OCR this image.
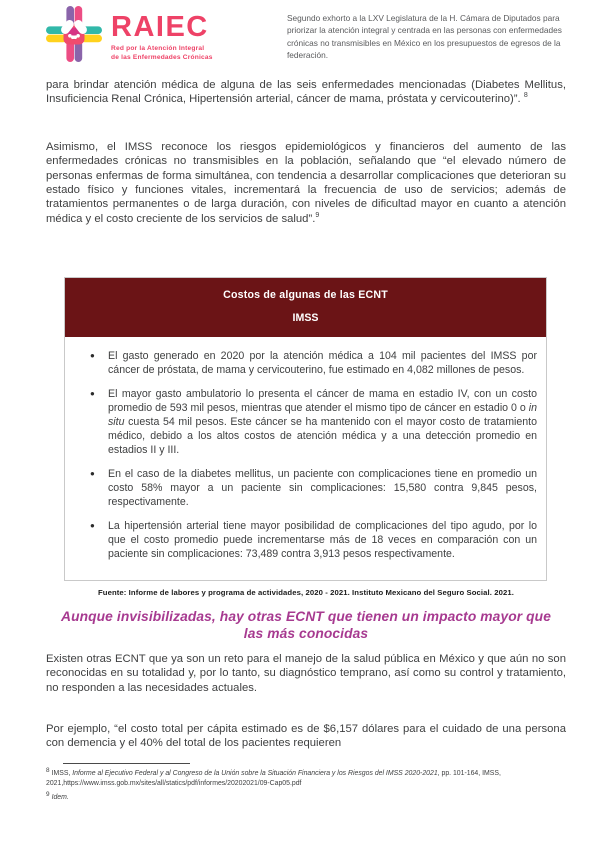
RAIEC
Red por la Atención Integral
de las Enfermedades Crónicas
Segundo exhorto a la LXV Legislatura de la H. Cámara de Diputados para priorizar la atención integral y centrada en las personas con enfermedades crónicas no transmisibles en México en los presupuestos de egresos de la federación.

para brindar atención médica de alguna de las seis enfermedades mencionadas (Diabetes Mellitus, Insuficiencia Renal Crónica, Hipertensión arterial, cáncer de mama, próstata y cervicouterino)”. $^8$

Asimismo, el IMSS reconoce los riesgos epidemiológicos y financieros del aumento de las enfermedades crónicas no transmisibles en la población, señalando que “el elevado número de personas enfermas de forma simultánea, con tendencia a desarrollar complicaciones que deterioran su estado físico y funciones vitales, incrementará la frecuencia de uso de servicios; además de tratamientos permanentes o de larga duración, con niveles de dificultad mayor en cuanto a atención médica y el costo creciente de los servicios de salud”.$^9$

Costos de algunas de las ECNT
IMSS
● El gasto generado en 2020 por la atención médica a 104 mil pacientes del IMSS por cáncer de próstata, de mama y cervicouterino, fue estimado en 4,082 millones de pesos.
● El mayor gasto ambulatorio lo presenta el cáncer de mama en estadio IV, con un costo promedio de 593 mil pesos, mientras que atender el mismo tipo de cáncer en estadio 0 o in situ cuesta 54 mil pesos. Este cáncer se ha mantenido con el mayor costo de tratamiento médico, debido a los altos costos de atención médica y a una detección promedio en estadios II y III.
● En el caso de la diabetes mellitus, un paciente con complicaciones tiene en promedio un costo 58% mayor a un paciente sin complicaciones: 15,580 contra 9,845 pesos, respectivamente.
● La hipertensión arterial tiene mayor posibilidad de complicaciones del tipo agudo, por lo que el costo promedio puede incrementarse más de 18 veces en comparación con un paciente sin complicaciones: 73,489 contra 3,913 pesos respectivamente.
Fuente: Informe de labores y programa de actividades, 2020 - 2021. Instituto Mexicano del Seguro Social. 2021.
Aunque invisibilizadas, hay otras ECNT que tienen un impacto mayor que las más conocidas

Existen otras ECNT que ya son un reto para el manejo de la salud pública en México y que aún no son reconocidas en su totalidad y, por lo tanto, su diagnóstico temprano, así como su control y tratamiento, no responden a las necesidades actuales.

Por ejemplo, “el costo total per cápita estimado es de $6,157 dólares para el cuidado de una persona con demencia y el 40% del total de los pacientes requieren

$^8$ IMSS, Informe al Ejecutivo Federal y al Congreso de la Unión sobre la Situación Financiera y los Riesgos del IMSS 2020-2021, pp. 101-164, IMSS, 2021,https://www.imss.gob.mx/sites/all/statics/pdf/informes/20202021/09-Cap05.pdf

$^9$ Idem.
